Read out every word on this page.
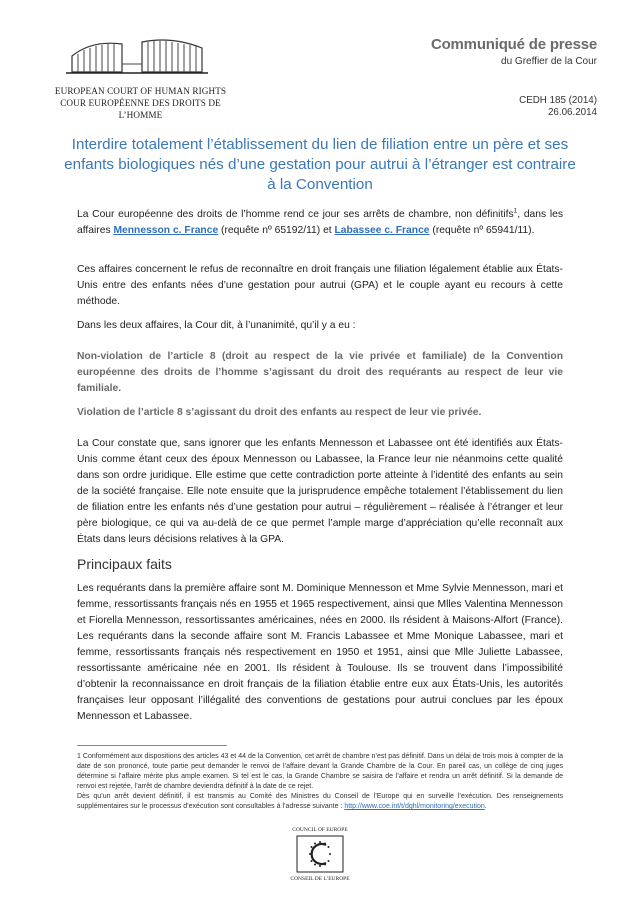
EUROPEAN COURT OF HUMAN RIGHTS
COUR EUROPÉENNE DES DROITS DE L’HOMME
Communiqué de presse
du Greffier de la Cour
CEDH 185 (2014)
26.06.2014
Interdire totalement l’établissement du lien de filiation entre un père et ses enfants biologiques nés d’une gestation pour autrui à l’étranger est contraire à la Convention
La Cour européenne des droits de l’homme rend ce jour ses arrêts de chambre, non définitifs$^1$, dans les affaires Mennesson c. France (requête nº 65192/11) et Labassee c. France (requête nº 65941/11).
Ces affaires concernent le refus de reconnaître en droit français une filiation légalement établie aux États-Unis entre des enfants nées d’une gestation pour autrui (GPA) et le couple ayant eu recours à cette méthode.
Dans les deux affaires, la Cour dit, à l’unanimité, qu’il y a eu :
Non-violation de l’article 8 (droit au respect de la vie privée et familiale) de la Convention européenne des droits de l’homme s’agissant du droit des requérants au respect de leur vie familiale.
Violation de l’article 8 s’agissant du droit des enfants au respect de leur vie privée.
La Cour constate que, sans ignorer que les enfants Mennesson et Labassee ont été identifiés aux États-Unis comme étant ceux des époux Mennesson ou Labassee, la France leur nie néanmoins cette qualité dans son ordre juridique. Elle estime que cette contradiction porte atteinte à l’identité des enfants au sein de la société française. Elle note ensuite que la jurisprudence empêche totalement l’établissement du lien de filiation entre les enfants nés d’une gestation pour autrui – régulièrement – réalisée à l’étranger et leur père biologique, ce qui va au-delà de ce que permet l’ample marge d’appréciation qu’elle reconnaît aux États dans leurs décisions relatives à la GPA.
Principaux faits
Les requérants dans la première affaire sont M. Dominique Mennesson et Mme Sylvie Mennesson, mari et femme, ressortissants français nés en 1955 et 1965 respectivement, ainsi que Mlles Valentina Mennesson et Fiorella Mennesson, ressortissantes américaines, nées en 2000. Ils résident à Maisons-Alfort (France). Les requérants dans la seconde affaire sont M. Francis Labassee et Mme Monique Labassee, mari et femme, ressortissants français nés respectivement en 1950 et 1951, ainsi que Mlle Juliette Labassee, ressortissante américaine née en 2001. Ils résident à Toulouse. Ils se trouvent dans l’impossibilité d’obtenir la reconnaissance en droit français de la filiation établie entre eux aux États-Unis, les autorités françaises leur opposant l’illégalité des conventions de gestations pour autrui conclues par les époux Mennesson et Labassee.
1 Conformément aux dispositions des articles 43 et 44 de la Convention, cet arrêt de chambre n’est pas définitif. Dans un délai de trois mois à compter de la date de son prononcé, toute partie peut demander le renvoi de l’affaire devant la Grande Chambre de la Cour. En pareil cas, un collège de cinq juges détermine si l’affaire mérite plus ample examen. Si tel est le cas, la Grande Chambre se saisira de l’affaire et rendra un arrêt définitif. Si la demande de renvoi est rejetée, l’arrêt de chambre deviendra définitif à la date de ce rejet.
Dès qu’un arrêt devient définitif, il est transmis au Comité des Ministres du Conseil de l’Europe qui en surveille l’exécution. Des renseignements supplémentaires sur le processus d’exécution sont consultables à l’adresse suivante : http://www.coe.int/t/dghl/monitoring/execution.
COUNCIL OF EUROPE
CONSEIL DE L’EUROPE
